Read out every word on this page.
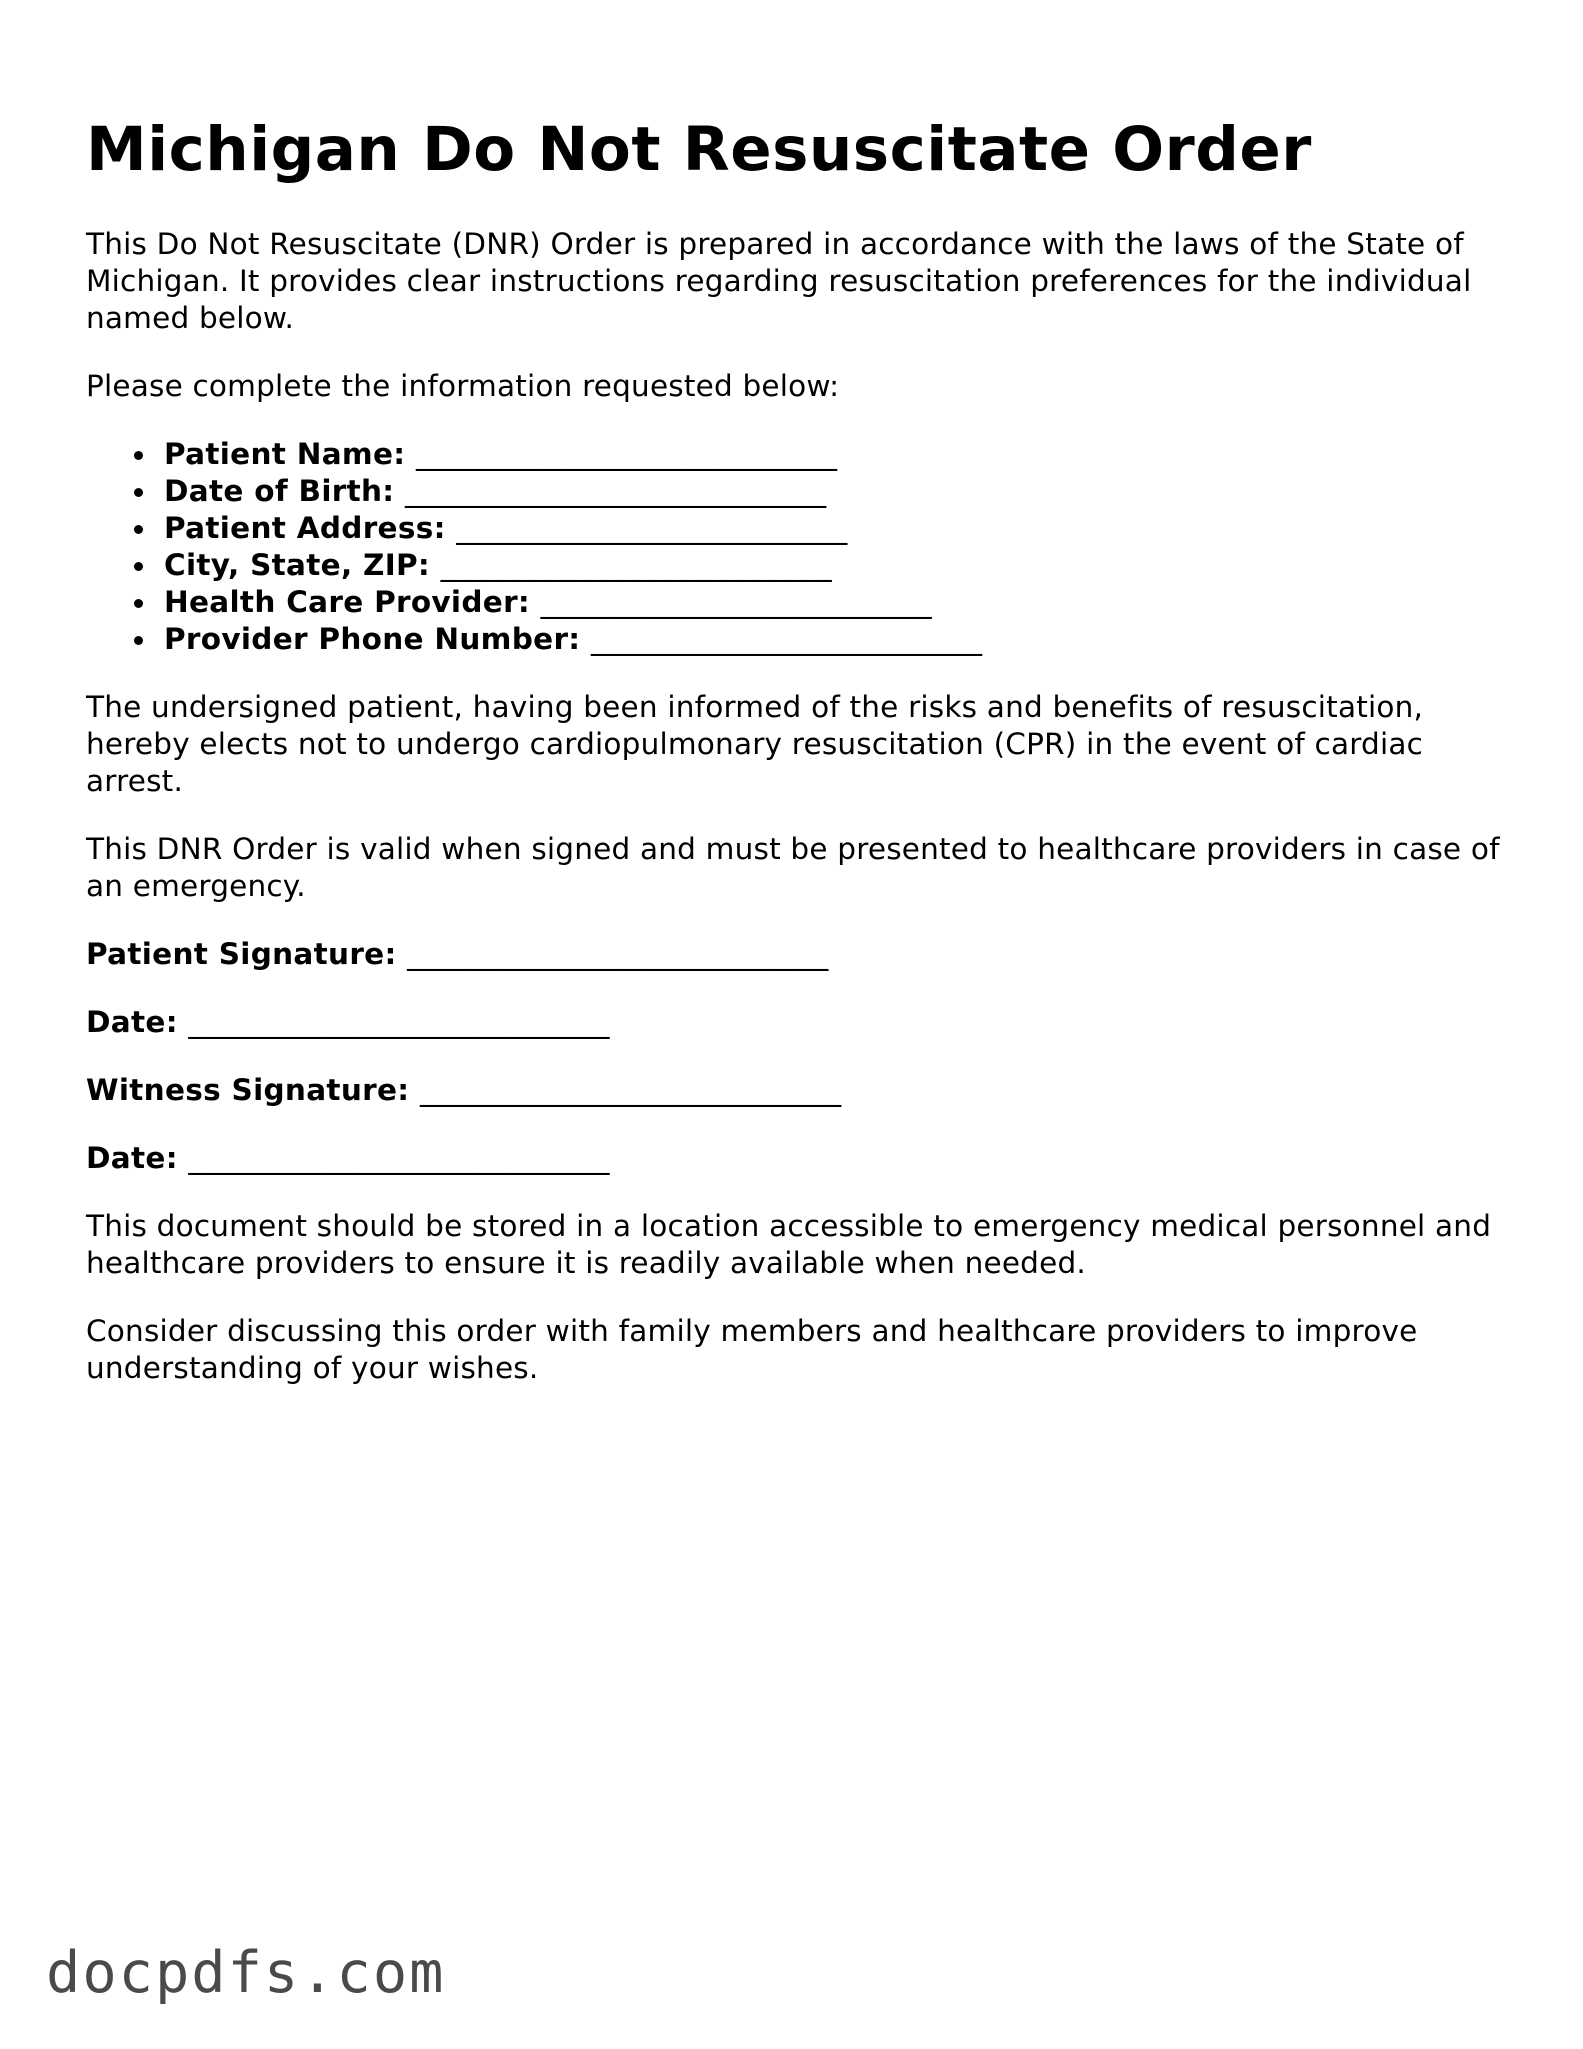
Michigan Do Not Resuscitate Order

This Do Not Resuscitate (DNR) Order is prepared in accordance with the laws of the State of Michigan. It provides clear instructions regarding resuscitation preferences for the individual named below.

Please complete the information requested below:

Patient Name: ____________________________
Date of Birth: ____________________________
Patient Address: __________________________
City, State, ZIP: __________________________
Health Care Provider: __________________________
Provider Phone Number: __________________________

The undersigned patient, having been informed of the risks and benefits of resuscitation, hereby elects not to undergo cardiopulmonary resuscitation (CPR) in the event of cardiac arrest.

This DNR Order is valid when signed and must be presented to healthcare providers in case of an emergency.

Patient Signature: ____________________________
Date: ____________________________
Witness Signature: ____________________________
Date: ____________________________

This document should be stored in a location accessible to emergency medical personnel and healthcare providers to ensure it is readily available when needed.

Consider discussing this order with family members and healthcare providers to improve understanding of your wishes.

docpdfs.com
